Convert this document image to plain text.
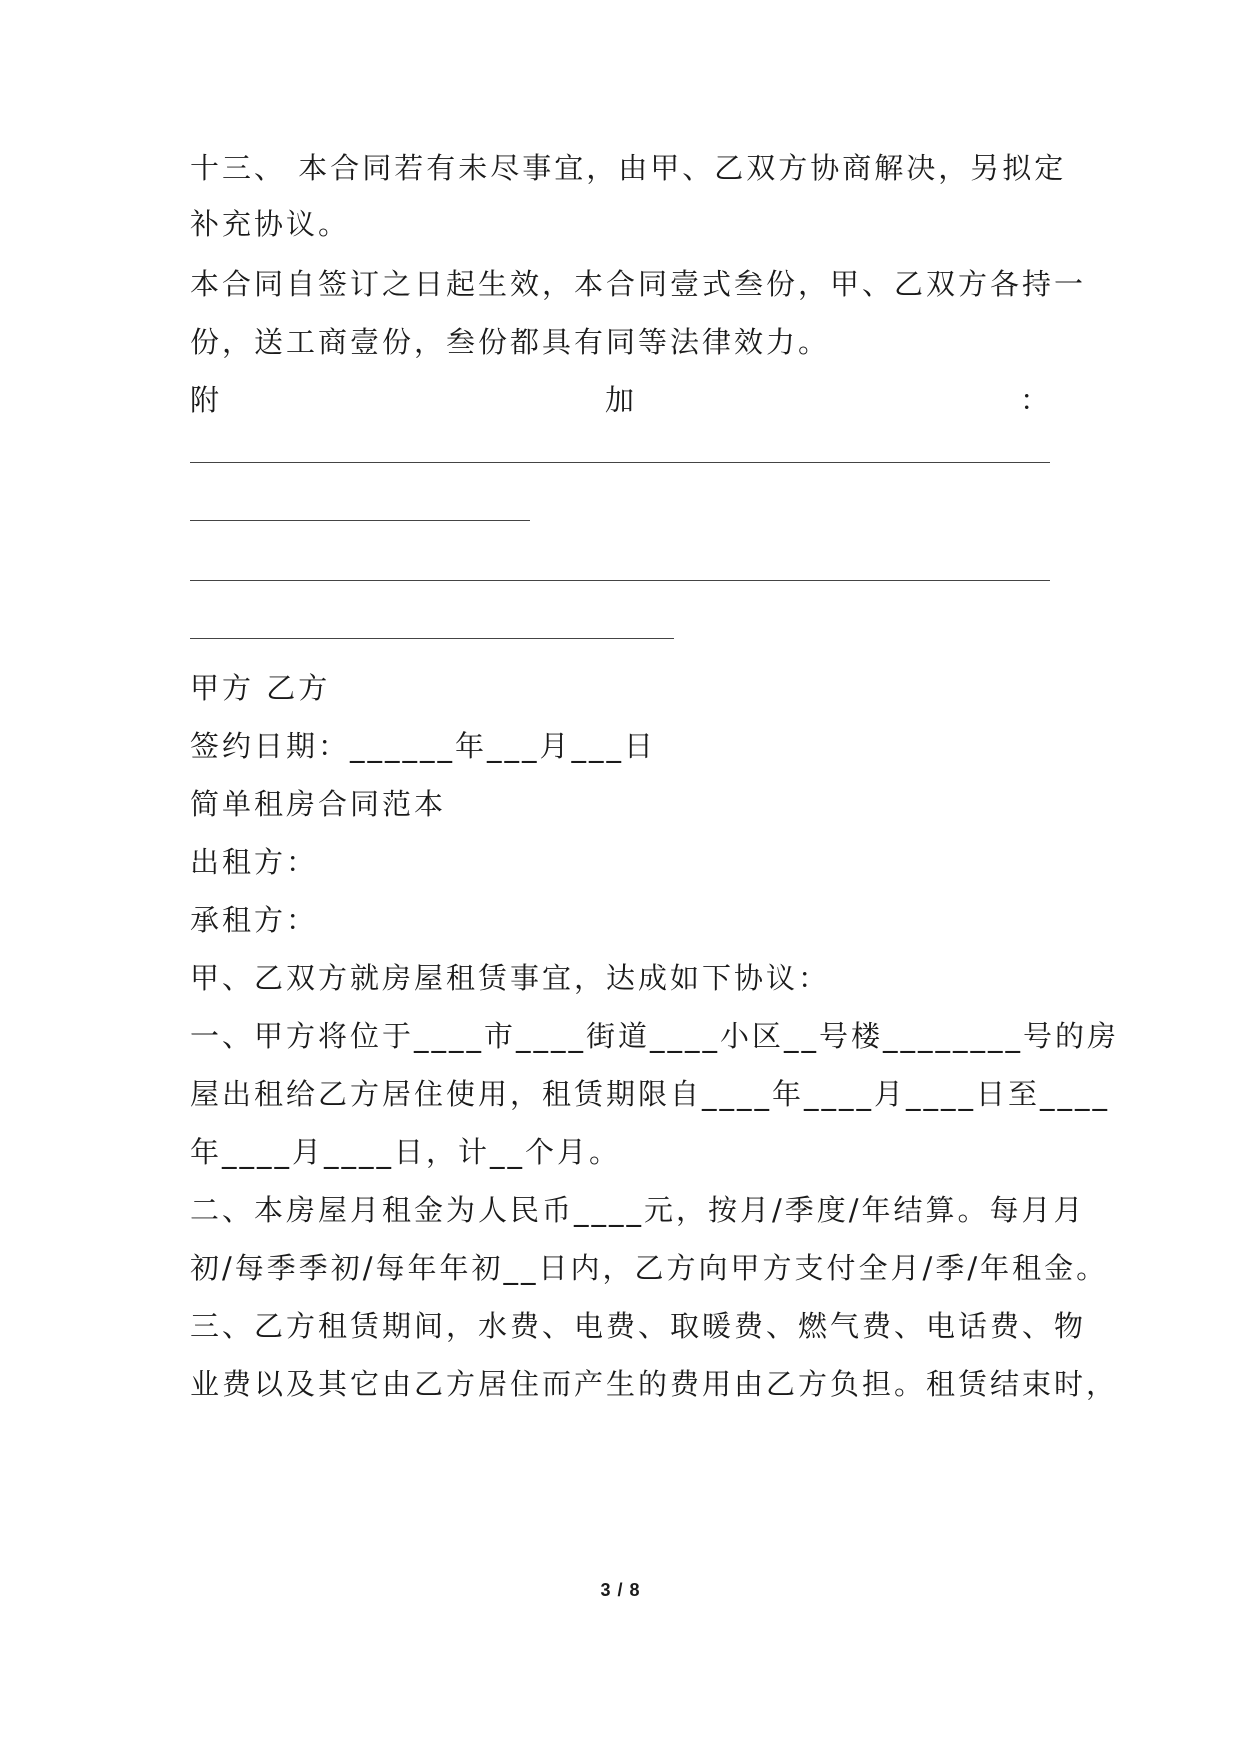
十三、 本合同若有未尽事宜，由甲、乙双方协商解决，另拟定
补充协议。
本合同自签订之日起生效，本合同壹式叁份，甲、乙双方各持一
份，送工商壹份，叁份都具有同等法律效力。
附	加	：
甲方 乙方
签约日期：______年___月___日
简单租房合同范本
出租方：
承租方：
甲、乙双方就房屋租赁事宜，达成如下协议：
一、甲方将位于____市____街道____小区__号楼________号的房
屋出租给乙方居住使用，租赁期限自____年____月____日至____
年____月____日，计__个月。
二、本房屋月租金为人民币____元，按月/季度/年结算。每月月
初/每季季初/每年年初__日内，乙方向甲方支付全月/季/年租金。
三、乙方租赁期间，水费、电费、取暖费、燃气费、电话费、物
业费以及其它由乙方居住而产生的费用由乙方负担。租赁结束时，
3 / 8
